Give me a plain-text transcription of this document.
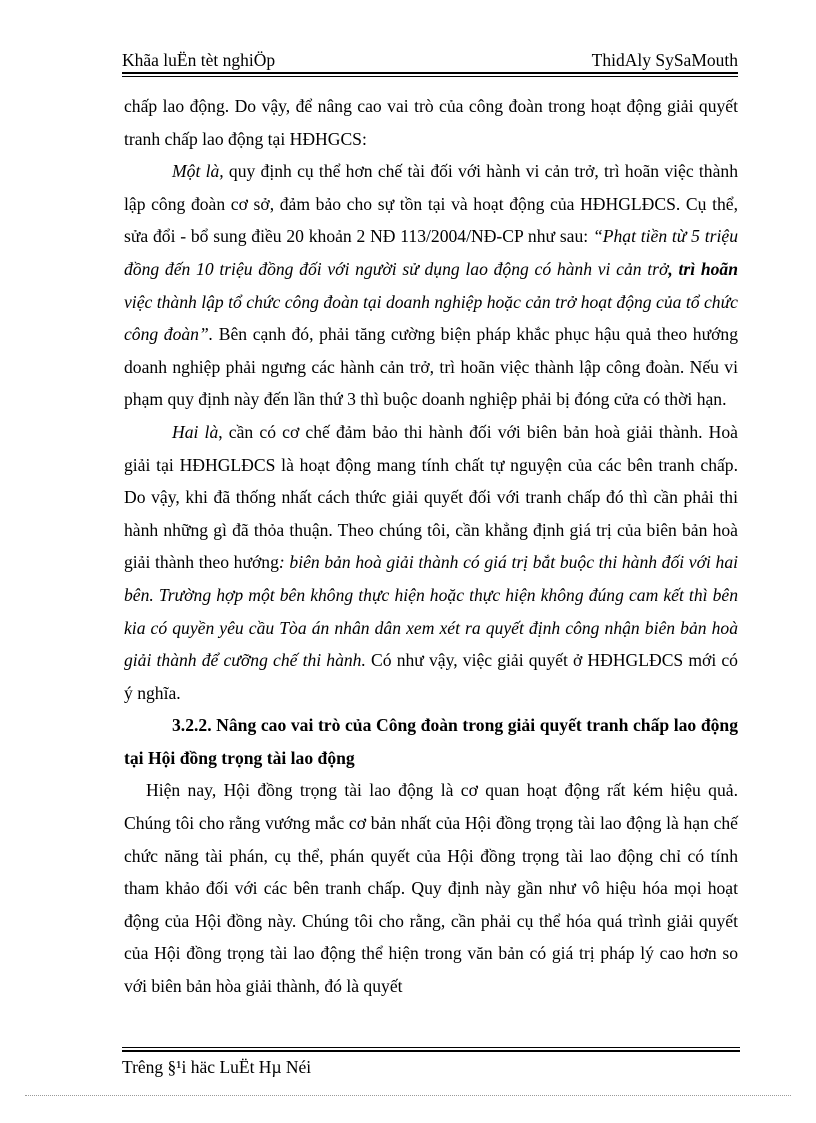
Khãa luËn tèt nghiÖp	ThidAly SySaMouth

chấp lao động. Do vậy, để nâng cao vai trò của công đoàn trong hoạt động giải quyết tranh chấp lao động tại HĐHGCS:

Một là, quy định cụ thể hơn chế tài đối với hành vi cản trở, trì hoãn việc thành lập công đoàn cơ sở, đảm bảo cho sự tồn tại và hoạt động của HĐHGLĐCS. Cụ thể, sửa đổi - bổ sung điều 20 khoản 2 NĐ 113/2004/NĐ-CP như sau: “Phạt tiền từ 5 triệu đồng đến 10 triệu đồng đối với người sử dụng lao động có hành vi cản trở, trì hoãn việc thành lập tổ chức công đoàn tại doanh nghiệp hoặc cản trở hoạt động của tổ chức công đoàn”. Bên cạnh đó, phải tăng cường biện pháp khắc phục hậu quả theo hướng doanh nghiệp phải ngưng các hành cản trở, trì hoãn việc thành lập công đoàn. Nếu vi phạm quy định này đến lần thứ 3 thì buộc doanh nghiệp phải bị đóng cửa có thời hạn.

Hai là, cần có cơ chế đảm bảo thi hành đối với biên bản hoà giải thành. Hoà giải tại HĐHGLĐCS là hoạt động mang tính chất tự nguyện của các bên tranh chấp. Do vậy, khi đã thống nhất cách thức giải quyết đối với tranh chấp đó thì cần phải thi hành những gì đã thỏa thuận. Theo chúng tôi, cần khẳng định giá trị của biên bản hoà giải thành theo hướng: biên bản hoà giải thành có giá trị bắt buộc thi hành đối với hai bên. Trường hợp một bên không thực hiện hoặc thực hiện không đúng cam kết thì bên kia có quyền yêu cầu Tòa án nhân dân xem xét ra quyết định công nhận biên bản hoà giải thành để cưỡng chế thi hành. Có như vậy, việc giải quyết ở HĐHGLĐCS mới có ý nghĩa.

3.2.2. Nâng cao vai trò của Công đoàn trong giải quyết tranh chấp lao động tại Hội đồng trọng tài lao động

Hiện nay, Hội đồng trọng tài lao động là cơ quan hoạt động rất kém hiệu quả. Chúng tôi cho rằng vướng mắc cơ bản nhất của Hội đồng trọng tài lao động là hạn chế chức năng tài phán, cụ thể, phán quyết của Hội đồng trọng tài lao động chỉ có tính tham khảo đối với các bên tranh chấp. Quy định này gần như vô hiệu hóa mọi hoạt động của Hội đồng này. Chúng tôi cho rằng, cần phải cụ thể hóa quá trình giải quyết của Hội đồng trọng tài lao động thể hiện trong văn bản có giá trị pháp lý cao hơn so với biên bản hòa giải thành, đó là quyết

Trêng §¹i häc LuËt Hµ Néi
